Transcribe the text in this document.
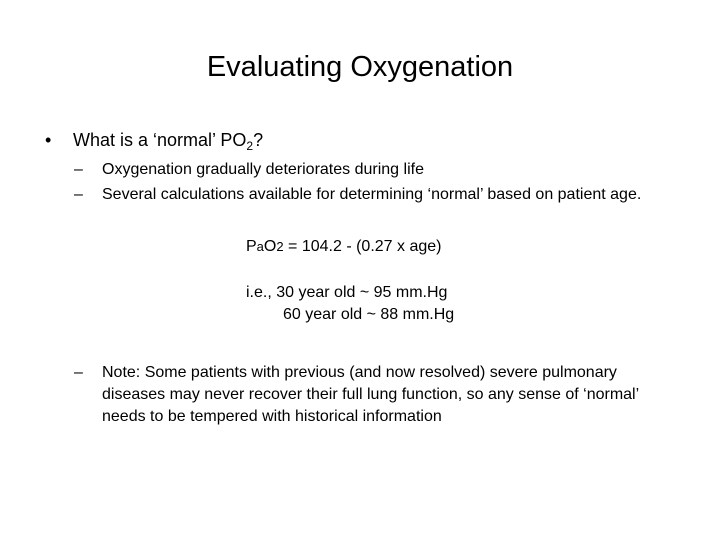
Evaluating Oxygenation
• What is a ‘normal’ $PO_2$?
– Oxygenation gradually deteriorates during life
– Several calculations available for determining ‘normal’ based on patient age.
PaO2 = 104.2 - (0.27 x age)
i.e., 30 year old ~ 95 mm.Hg
60 year old ~ 88 mm.Hg
– Note: Some patients with previous (and now resolved) severe pulmonary diseases may never recover their full lung function, so any sense of ‘normal’ needs to be tempered with historical information
